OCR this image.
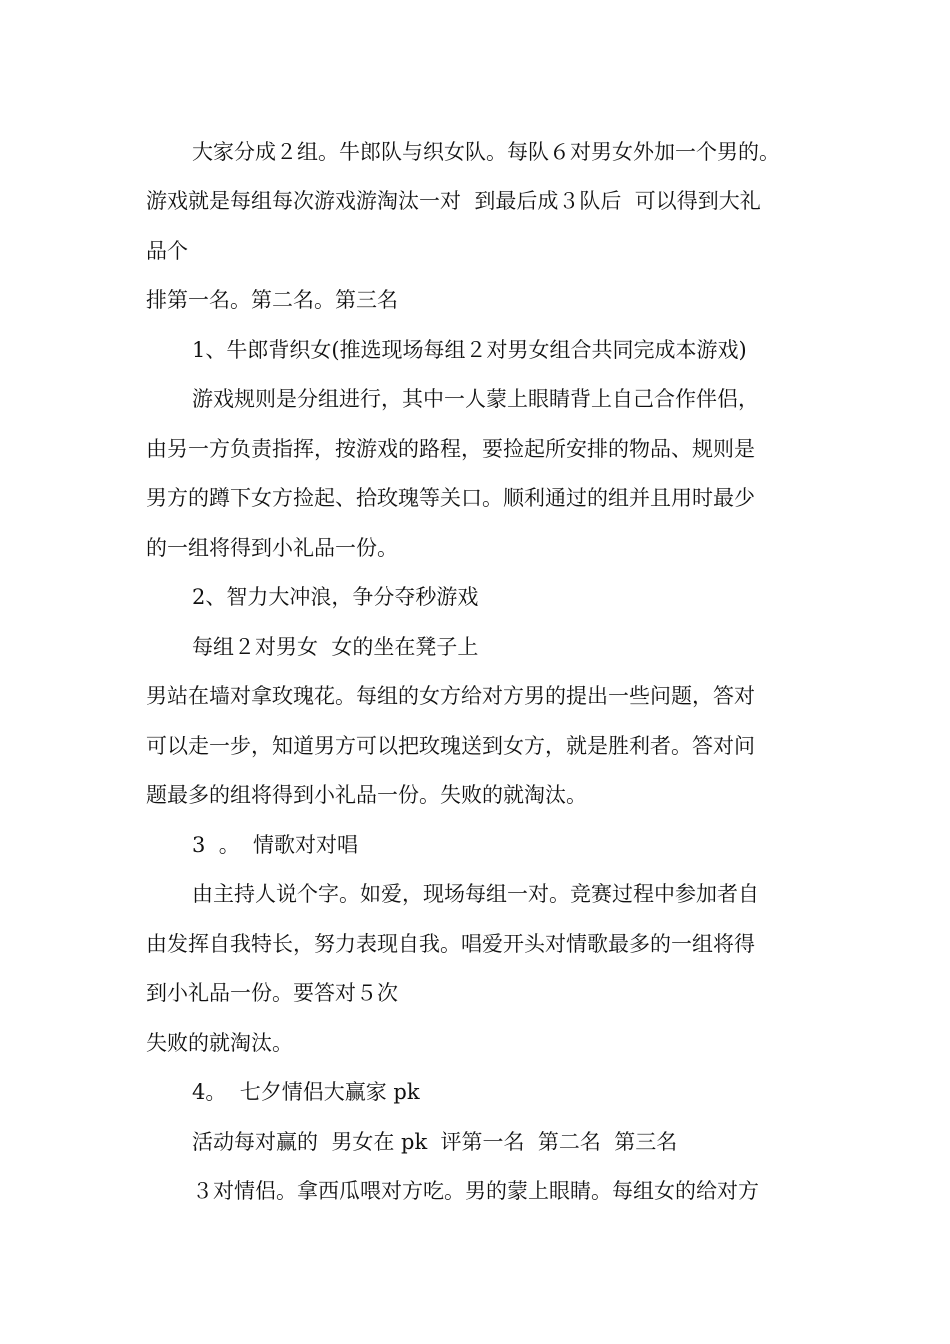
大家分成２组。牛郎队与织女队。每队６对男女外加一个男的。
游戏就是每组每次游戏游淘汰一对  到最后成３队后  可以得到大礼
品个
排第一名。第二名。第三名
1、牛郎背织女(推选现场每组２对男女组合共同完成本游戏)
游戏规则是分组进行，其中一人蒙上眼睛背上自己合作伴侣，
由另一方负责指挥，按游戏的路程，要捡起所安排的物品、规则是
男方的蹲下女方捡起、拾玫瑰等关口。顺利通过的组并且用时最少
的一组将得到小礼品一份。
2、智力大冲浪，争分夺秒游戏
每组２对男女  女的坐在凳子上
男站在墙对拿玫瑰花。每组的女方给对方男的提出一些问题，答对
可以走一步，知道男方可以把玫瑰送到女方，就是胜利者。答对问
题最多的组将得到小礼品一份。失败的就淘汰。
3  。  情歌对对唱
由主持人说个字。如爱，现场每组一对。竞赛过程中参加者自
由发挥自我特长，努力表现自我。唱爱开头对情歌最多的一组将得
到小礼品一份。要答对５次
失败的就淘汰。
4。  七夕情侣大赢家 pk
活动每对赢的  男女在 pk  评第一名  第二名  第三名
３对情侣。拿西瓜喂对方吃。男的蒙上眼睛。每组女的给对方
